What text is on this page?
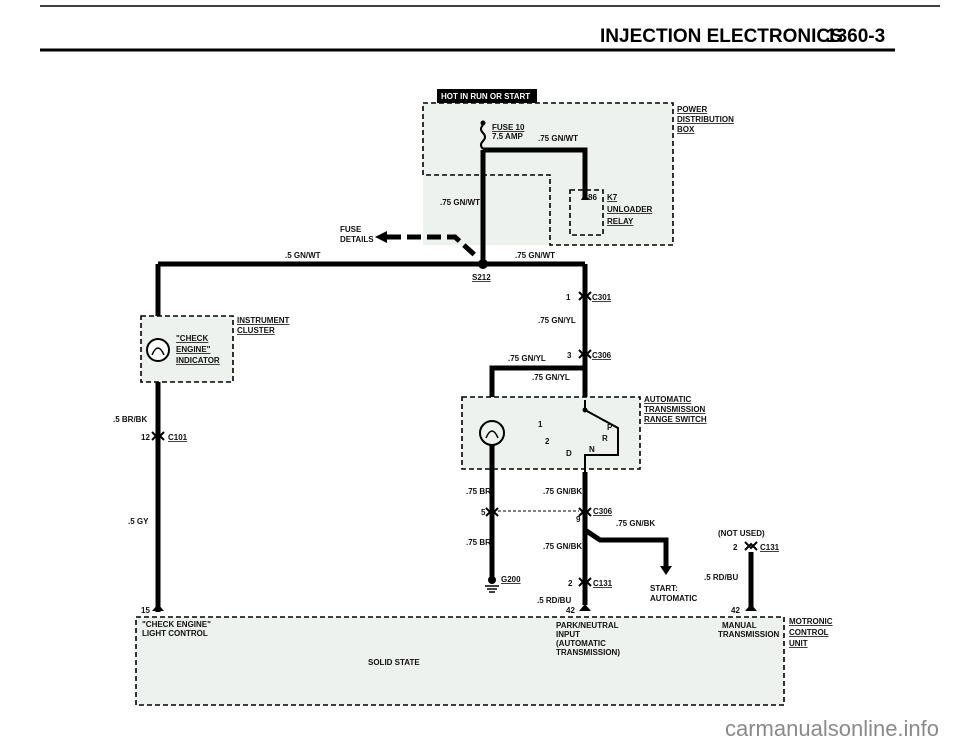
INJECTION ELECTRONICS
1360-3
HOT IN RUN OR START
POWER
DISTRIBUTION
BOX
FUSE 10
7.5 AMP .75 GN/WT
.75 GN/WT
86 K7
UNLOADER
RELAY
FUSE
DETAILS
S212
.5 GN/WT	.75 GN/WT
1	C301
.75 GN/YL
3	C306
.75 GN/YL
.75 GN/YL
AUTOMATIC
TRANSMISSION
RANGE SWITCH
1
2
P
R
N
D
.75 BR	.75 GN/BK
5
9
C306
.75 GN/BK
START:
AUTOMATIC
.75 BR	.75 GN/BK
G200	2	C131
.5 RD/BU
(NOT USED)
2	C131
.5 RD/BU
INSTRUMENT
CLUSTER
"CHECK
ENGINE"
INDICATOR
.5 BR/BK
12 C101
.5 GY
15	42	42
MOTRONIC
CONTROL
UNIT
"CHECK ENGINE"
LIGHT CONTROL
PARK/NEUTRAL
INPUT
(AUTOMATIC
TRANSMISSION)
MANUAL
TRANSMISSION
SOLID STATE
carmanualsonline.info
